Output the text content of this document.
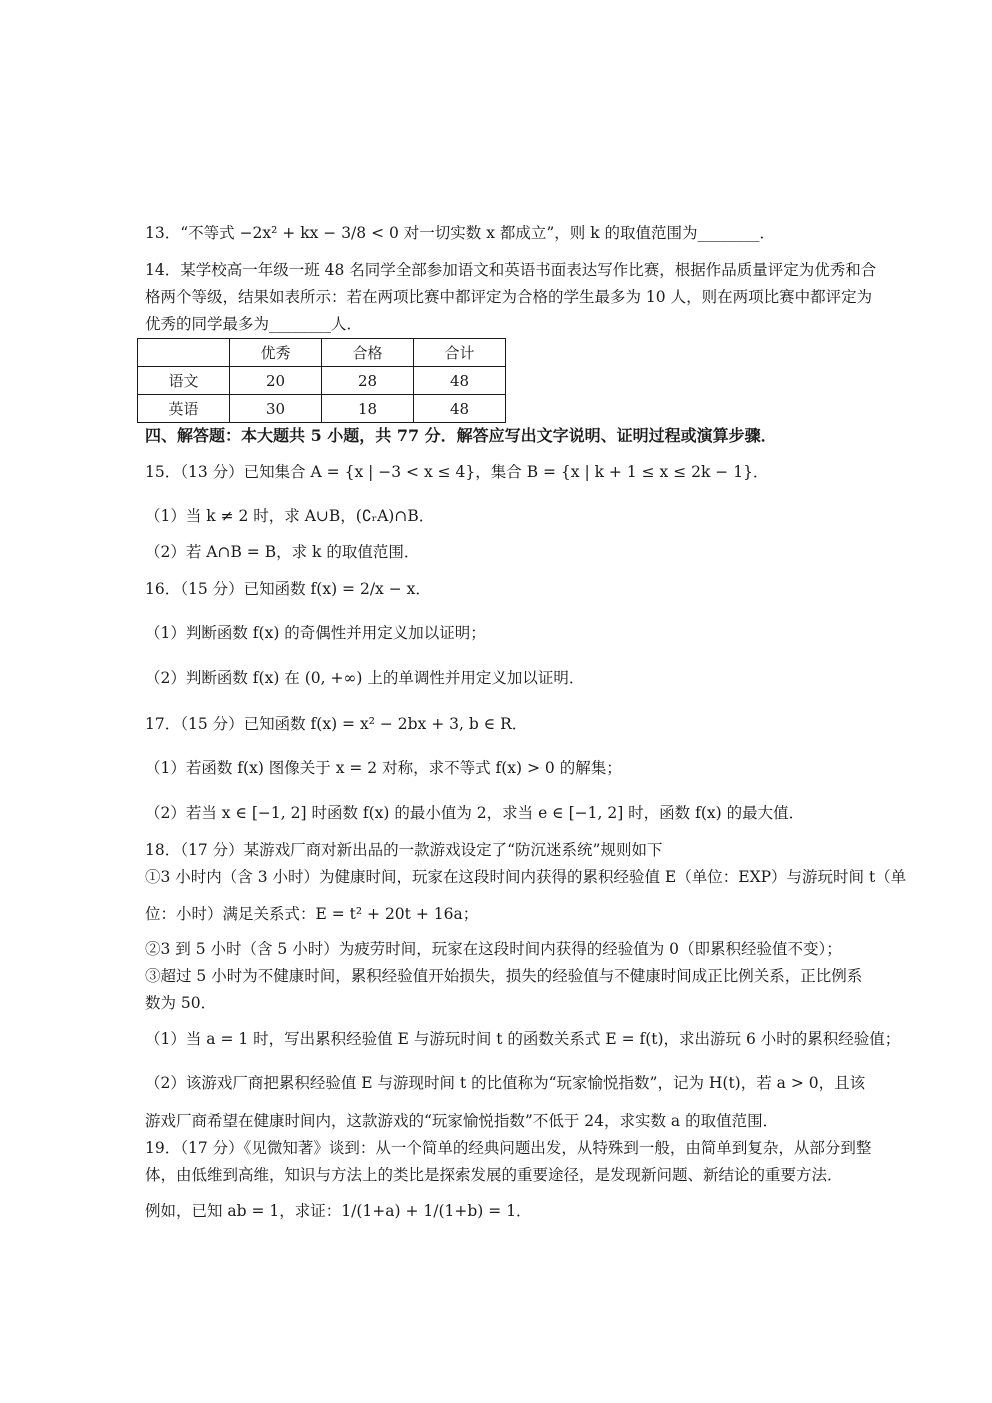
13．“不等式 −2x² + kx − 3/8 < 0 对一切实数 x 都成立”，则 k 的取值范围为________．
14．某学校高一年级一班 48 名同学全部参加语文和英语书面表达写作比赛，根据作品质量评定为优秀和合
格两个等级，结果如表所示：若在两项比赛中都评定为合格的学生最多为 10 人，则在两项比赛中都评定为
优秀的同学最多为________人．
	优秀	合格	合计
语文	20	28	48
英语	30	18	48
四、解答题：本大题共 5 小题，共 77 分．解答应写出文字说明、证明过程或演算步骤．
15．（13 分）已知集合 A = {x | −3 < x ≤ 4}，集合 B = {x | k + 1 ≤ x ≤ 2k − 1}．
（1）当 k ≠ 2 时，求 A∪B，(∁ᵣA)∩B．
（2）若 A∩B = B，求 k 的取值范围．
16．（15 分）已知函数 f(x) = 2/x − x．
（1）判断函数 f(x) 的奇偶性并用定义加以证明；
（2）判断函数 f(x) 在 (0, +∞) 上的单调性并用定义加以证明．
17．（15 分）已知函数 f(x) = x² − 2bx + 3, b ∈ R．
（1）若函数 f(x) 图像关于 x = 2 对称，求不等式 f(x) > 0 的解集；
（2）若当 x ∈ [−1, 2] 时函数 f(x) 的最小值为 2，求当 e ∈ [−1, 2] 时，函数 f(x) 的最大值．
18．（17 分）某游戏厂商对新出品的一款游戏设定了“防沉迷系统”规则如下
①3 小时内（含 3 小时）为健康时间，玩家在这段时间内获得的累积经验值 E（单位：EXP）与游玩时间 t（单
位：小时）满足关系式：E = t² + 20t + 16a；
②3 到 5 小时（含 5 小时）为疲劳时间，玩家在这段时间内获得的经验值为 0（即累积经验值不变）；
③超过 5 小时为不健康时间，累积经验值开始损失，损失的经验值与不健康时间成正比例关系，正比例系
数为 50．
（1）当 a = 1 时，写出累积经验值 E 与游玩时间 t 的函数关系式 E = f(t)，求出游玩 6 小时的累积经验值；
（2）该游戏厂商把累积经验值 E 与游现时间 t 的比值称为“玩家愉悦指数”，记为 H(t)，若 a > 0，且该
游戏厂商希望在健康时间内，这款游戏的“玩家愉悦指数”不低于 24，求实数 a 的取值范围．
19．（17 分）《见微知著》谈到：从一个简单的经典问题出发，从特殊到一般，由简单到复杂，从部分到整
体，由低维到高维，知识与方法上的类比是探索发展的重要途径，是发现新问题、新结论的重要方法．
例如，已知 ab = 1，求证：1/(1+a) + 1/(1+b) = 1．
